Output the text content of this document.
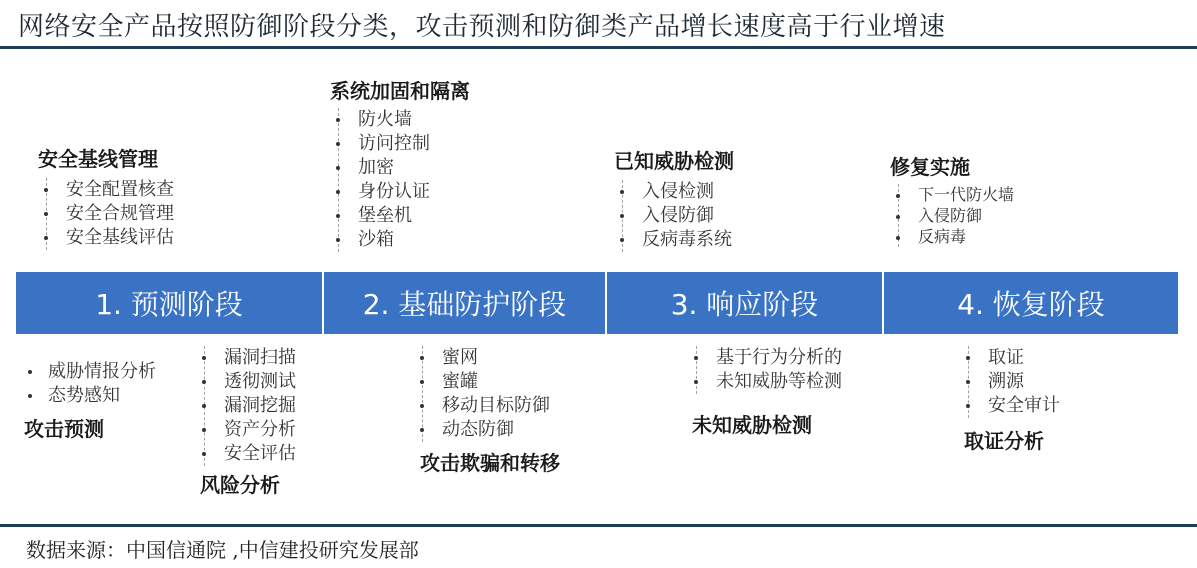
网络安全产品按照防御阶段分类，攻击预测和防御类产品增长速度高于行业增速
安全基线管理
安全配置核查
安全合规管理
安全基线评估
系统加固和隔离
防火墙
访问控制
加密
身份认证
堡垒机
沙箱
已知威胁检测
入侵检测
入侵防御
反病毒系统
修复实施
下一代防火墙
入侵防御
反病毒
1. 预测阶段	2. 基础防护阶段	3. 响应阶段	4. 恢复阶段
威胁情报分析
态势感知
攻击预测
漏洞扫描
透彻测试
漏洞挖掘
资产分析
安全评估
风险分析
蜜网
蜜罐
移动目标防御
动态防御
攻击欺骗和转移
基于行为分析的
未知威胁等检测
未知威胁检测
取证
溯源
安全审计
取证分析
数据来源：中国信通院 ,中信建投研究发展部
